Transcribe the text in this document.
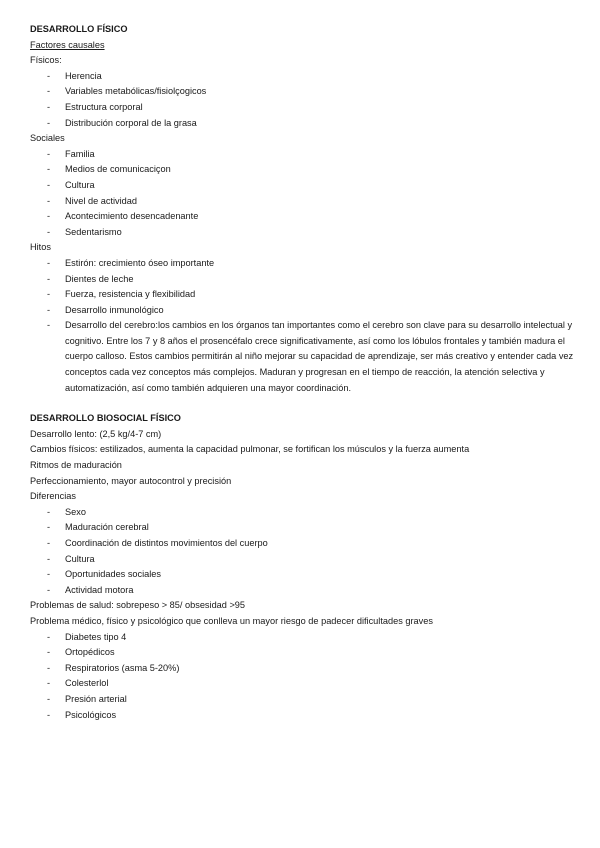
DESARROLLO FÍSICO
Factores causales
Físicos:
- Herencia
- Variables metabólicas/fisiolçogicos
- Estructura corporal
- Distribución corporal de la grasa
Sociales
- Familia
- Medios de comunicaciçon
- Cultura
- Nivel de actividad
- Acontecimiento desencadenante
- Sedentarismo
Hitos
- Estirón: crecimiento óseo importante
- Dientes de leche
- Fuerza, resistencia y flexibilidad
- Desarrollo inmunológico
- Desarrollo del cerebro:los cambios en los órganos tan importantes como el cerebro son clave para su desarrollo intelectual y cognitivo. Entre los 7 y 8 años el prosencéfalo crece significativamente, así como los lóbulos frontales y también madura el cuerpo calloso. Estos cambios permitirán al niño mejorar su capacidad de aprendizaje, ser más creativo y entender cada vez conceptos cada vez conceptos más complejos. Maduran y progresan en el tiempo de reacción, la atención selectiva y automatización, así como también adquieren una mayor coordinación.
DESARROLLO BIOSOCIAL FÍSICO
Desarrollo lento: (2,5 kg/4-7 cm)
Cambios físicos: estilizados, aumenta la capacidad pulmonar, se fortifican los músculos y la fuerza aumenta
Ritmos de maduración
Perfeccionamiento, mayor autocontrol y precisión
Diferencias
- Sexo
- Maduración cerebral
- Coordinación de distintos movimientos del cuerpo
- Cultura
- Oportunidades sociales
- Actividad motora
Problemas de salud: sobrepeso > 85/ obsesidad >95
Problema médico, físico y psicológico que conlleva un mayor riesgo de padecer dificultades graves
- Diabetes tipo 4
- Ortopédicos
- Respiratorios (asma 5-20%)
- Colesterlol
- Presión arterial
- Psicológicos
